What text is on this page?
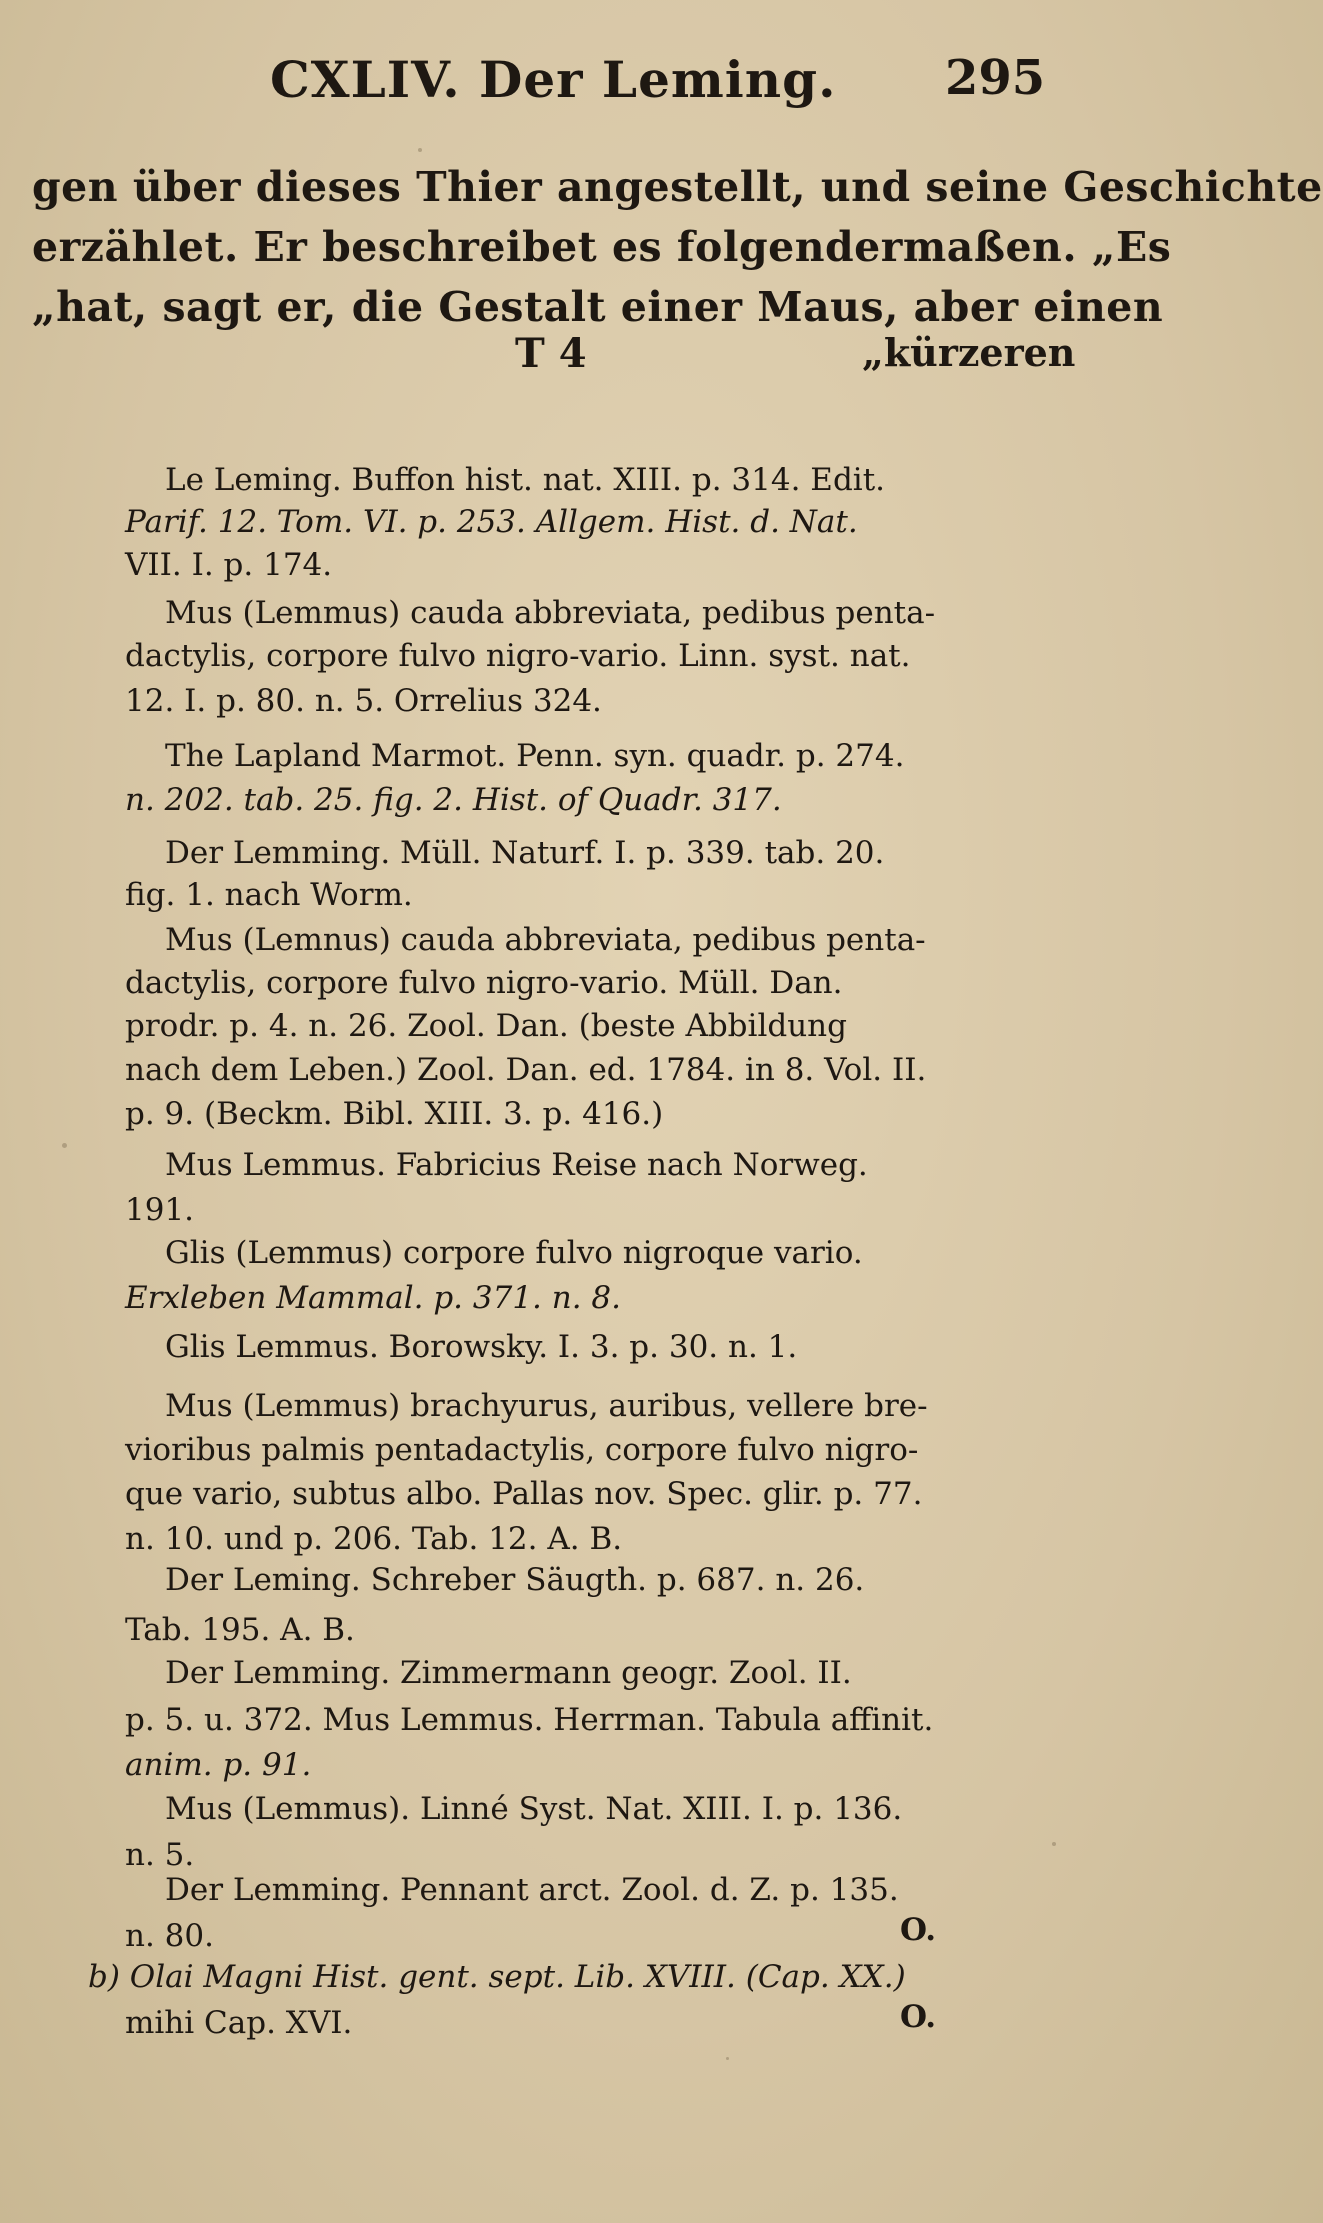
CXLIV. Der Leming. 295
gen über dieses Thier angestellt, und seine Geschichte
erzählet. Er beschreibet es folgendermaßen. „Es
„hat, sagt er, die Gestalt einer Maus, aber einen
T 4	„kürzeren
Le Leming. Buffon hist. nat. XIII. p. 314. Edit.
Parif. 12. Tom. VI. p. 253. Allgem. Hist. d. Nat.
VII. I. p. 174.
Mus (Lemmus) cauda abbreviata, pedibus penta-
dactylis, corpore fulvo nigro-vario. Linn. syst. nat.
12. I. p. 80. n. 5. Orrelius 324.
The Lapland Marmot. Penn. syn. quadr. p. 274.
n. 202. tab. 25. fig. 2. Hist. of Quadr. 317.
Der Lemming. Müll. Naturf. I. p. 339. tab. 20.
fig. 1. nach Worm.
Mus (Lemnus) cauda abbreviata, pedibus penta-
dactylis, corpore fulvo nigro-vario. Müll. Dan.
prodr. p. 4. n. 26. Zool. Dan. (beste Abbildung
nach dem Leben.) Zool. Dan. ed. 1784. in 8. Vol. II.
p. 9. (Beckm. Bibl. XIII. 3. p. 416.)
Mus Lemmus. Fabricius Reise nach Norweg.
191.
Glis (Lemmus) corpore fulvo nigroque vario.
Erxleben Mammal. p. 371. n. 8.
Glis Lemmus. Borowsky. I. 3. p. 30. n. 1.
Mus (Lemmus) brachyurus, auribus, vellere bre-
vioribus palmis pentadactylis, corpore fulvo nigro-
que vario, subtus albo. Pallas nov. Spec. glir. p. 77.
n. 10. und p. 206. Tab. 12. A. B.
Der Leming. Schreber Säugth. p. 687. n. 26.
Tab. 195. A. B.
Der Lemming. Zimmermann geogr. Zool. II.
p. 5. u. 372. Mus Lemmus. Herrman. Tabula affinit.
anim. p. 91.
Mus (Lemmus). Linné Syst. Nat. XIII. I. p. 136.
n. 5.
Der Lemming. Pennant arct. Zool. d. Z. p. 135.
n. 80.	O.
b) Olai Magni Hist. gent. sept. Lib. XVIII. (Cap. XX.)
mihi Cap. XVI.	O.
